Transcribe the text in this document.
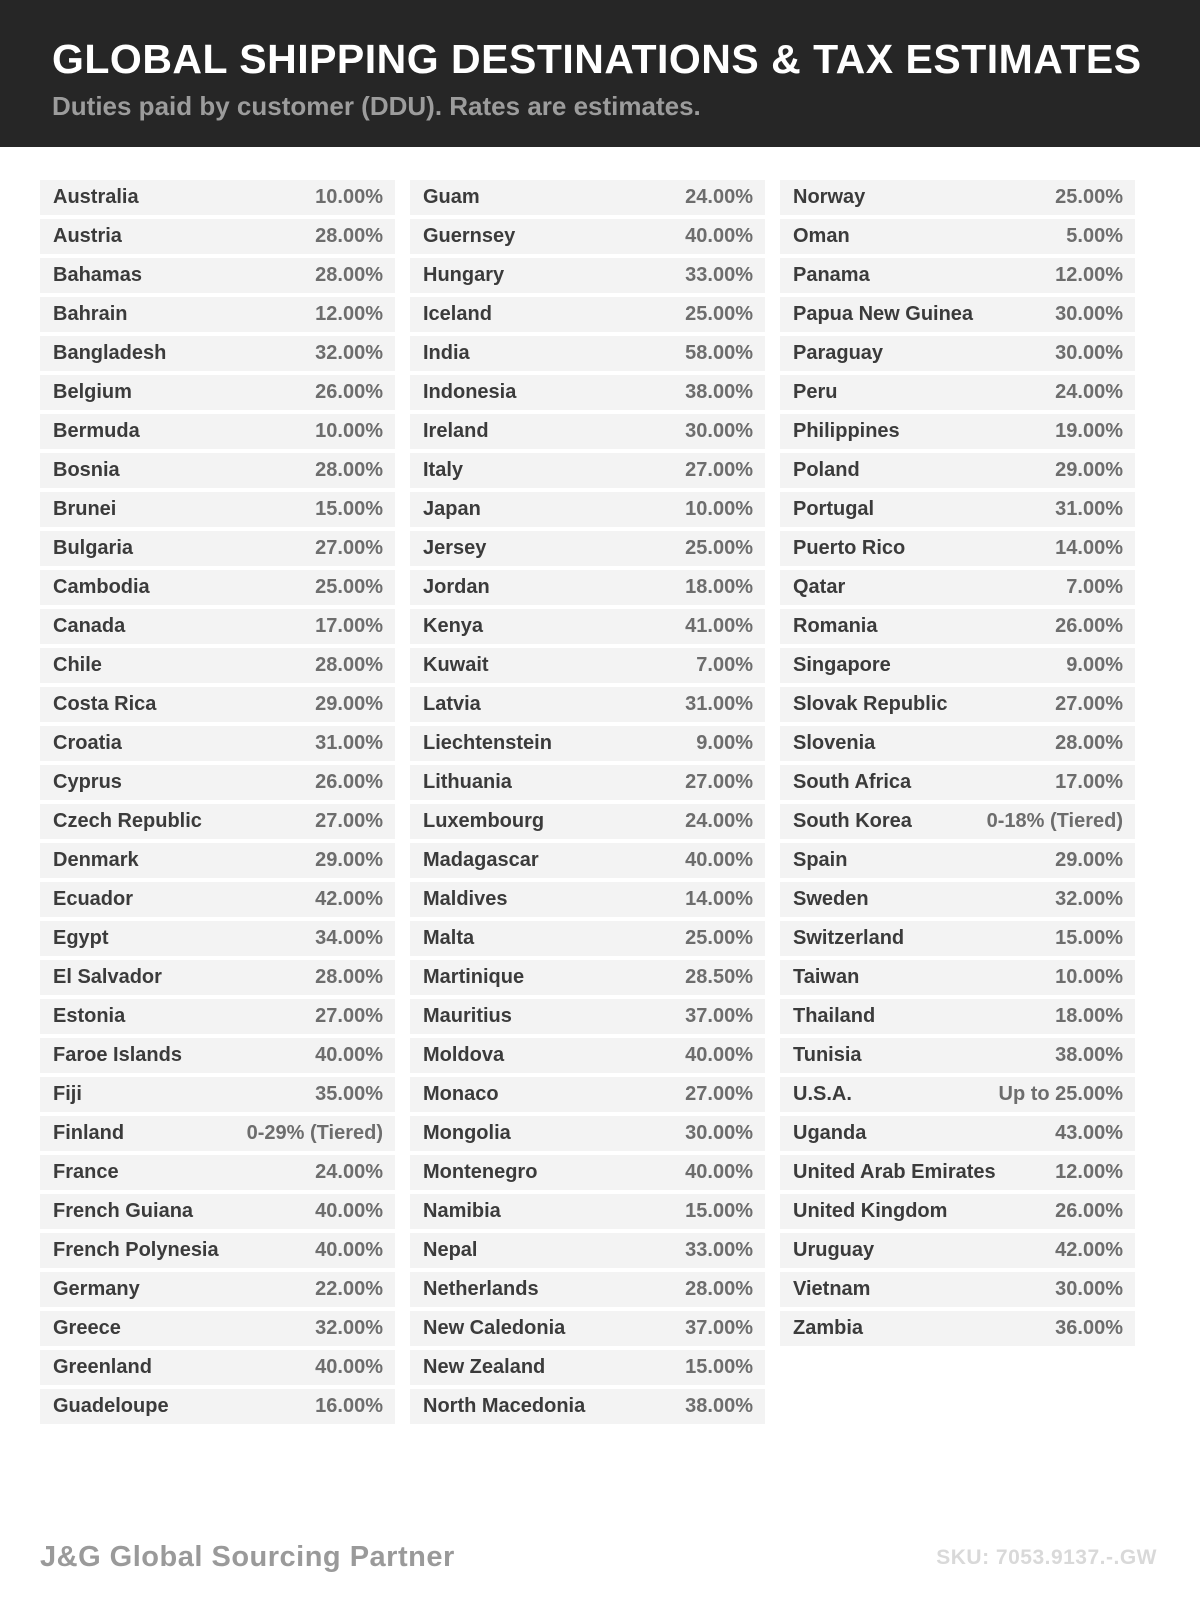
GLOBAL SHIPPING DESTINATIONS & TAX ESTIMATES
Duties paid by customer (DDU). Rates are estimates.
Australia	10.00%
Austria	28.00%
Bahamas	28.00%
Bahrain	12.00%
Bangladesh	32.00%
Belgium	26.00%
Bermuda	10.00%
Bosnia	28.00%
Brunei	15.00%
Bulgaria	27.00%
Cambodia	25.00%
Canada	17.00%
Chile	28.00%
Costa Rica	29.00%
Croatia	31.00%
Cyprus	26.00%
Czech Republic	27.00%
Denmark	29.00%
Ecuador	42.00%
Egypt	34.00%
El Salvador	28.00%
Estonia	27.00%
Faroe Islands	40.00%
Fiji	35.00%
Finland	0-29% (Tiered)
France	24.00%
French Guiana	40.00%
French Polynesia	40.00%
Germany	22.00%
Greece	32.00%
Greenland	40.00%
Guadeloupe	16.00%
Guam	24.00%
Guernsey	40.00%
Hungary	33.00%
Iceland	25.00%
India	58.00%
Indonesia	38.00%
Ireland	30.00%
Italy	27.00%
Japan	10.00%
Jersey	25.00%
Jordan	18.00%
Kenya	41.00%
Kuwait	7.00%
Latvia	31.00%
Liechtenstein	9.00%
Lithuania	27.00%
Luxembourg	24.00%
Madagascar	40.00%
Maldives	14.00%
Malta	25.00%
Martinique	28.50%
Mauritius	37.00%
Moldova	40.00%
Monaco	27.00%
Mongolia	30.00%
Montenegro	40.00%
Namibia	15.00%
Nepal	33.00%
Netherlands	28.00%
New Caledonia	37.00%
New Zealand	15.00%
North Macedonia	38.00%
Norway	25.00%
Oman	5.00%
Panama	12.00%
Papua New Guinea	30.00%
Paraguay	30.00%
Peru	24.00%
Philippines	19.00%
Poland	29.00%
Portugal	31.00%
Puerto Rico	14.00%
Qatar	7.00%
Romania	26.00%
Singapore	9.00%
Slovak Republic	27.00%
Slovenia	28.00%
South Africa	17.00%
South Korea	0-18% (Tiered)
Spain	29.00%
Sweden	32.00%
Switzerland	15.00%
Taiwan	10.00%
Thailand	18.00%
Tunisia	38.00%
U.S.A.	Up to 25.00%
Uganda	43.00%
United Arab Emirates	12.00%
United Kingdom	26.00%
Uruguay	42.00%
Vietnam	30.00%
Zambia	36.00%
J&G Global Sourcing Partner	SKU: 7053.9137.-.GW
